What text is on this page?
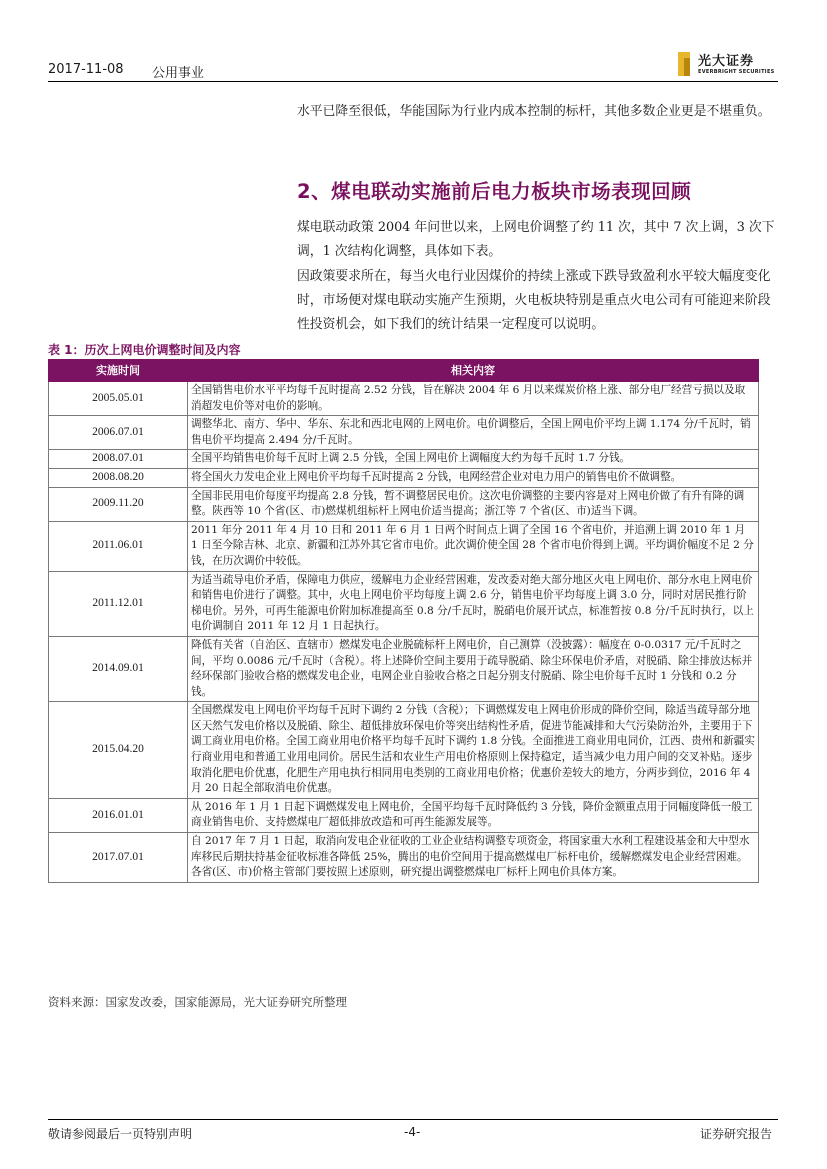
2017-11-08 公用事业
光大证券
EVERBRIGHT SECURITIES
水平已降至很低，华能国际为行业内成本控制的标杆，其他多数企业更是不堪重负。
2、煤电联动实施前后电力板块市场表现回顾
煤电联动政策 2004 年问世以来，上网电价调整了约 11 次，其中 7 次上调，3 次下调，1 次结构化调整，具体如下表。
因政策要求所在，每当火电行业因煤价的持续上涨或下跌导致盈利水平较大幅度变化时，市场便对煤电联动实施产生预期，火电板块特别是重点火电公司有可能迎来阶段性投资机会，如下我们的统计结果一定程度可以说明。
表 1：历次上网电价调整时间及内容
实施时间	相关内容
2005.05.01	全国销售电价水平平均每千瓦时提高 2.52 分钱，旨在解决 2004 年 6 月以来煤炭价格上涨、部分电厂经营亏损以及取消超发电价等对电价的影响。
2006.07.01	调整华北、南方、华中、华东、东北和西北电网的上网电价。电价调整后，全国上网电价平均上调 1.174 分/千瓦时，销售电价平均提高 2.494 分/千瓦时。
2008.07.01	全国平均销售电价每千瓦时上调 2.5 分钱，全国上网电价上调幅度大约为每千瓦时 1.7 分钱。
2008.08.20	将全国火力发电企业上网电价平均每千瓦时提高 2 分钱，电网经营企业对电力用户的销售电价不做调整。
2009.11.20	全国非民用电价每度平均提高 2.8 分钱，暂不调整居民电价。这次电价调整的主要内容是对上网电价做了有升有降的调整。陕西等 10 个省(区、市)燃煤机组标杆上网电价适当提高；浙江等 7 个省(区、市)适当下调。
2011.06.01	2011 年分 2011 年 4 月 10 日和 2011 年 6 月 1 日两个时间点上调了全国 16 个省电价，并追溯上调 2010 年 1 月 1 日至今除吉林、北京、新疆和江苏外其它省市电价。此次调价使全国 28 个省市电价得到上调。平均调价幅度不足 2 分钱，在历次调价中较低。
2011.12.01	为适当疏导电价矛盾，保障电力供应，缓解电力企业经营困难，发改委对绝大部分地区火电上网电价、部分水电上网电价和销售电价进行了调整。其中，火电上网电价平均每度上调 2.6 分，销售电价平均每度上调 3.0 分，同时对居民推行阶梯电价。另外，可再生能源电价附加标准提高至 0.8 分/千瓦时，脱硝电价展开试点，标准暂按 0.8 分/千瓦时执行，以上电价调制自 2011 年 12 月 1 日起执行。
2014.09.01	降低有关省（自治区、直辖市）燃煤发电企业脱硫标杆上网电价，自己测算（没披露）：幅度在 0-0.0317 元/千瓦时之间，平均 0.0086 元/千瓦时（含税）。将上述降价空间主要用于疏导脱硝、除尘环保电价矛盾，对脱硝、除尘排放达标并经环保部门验收合格的燃煤发电企业，电网企业自验收合格之日起分别支付脱硝、除尘电价每千瓦时 1 分钱和 0.2 分钱。
2015.04.20	全国燃煤发电上网电价平均每千瓦时下调约 2 分钱（含税）；下调燃煤发电上网电价形成的降价空间，除适当疏导部分地区天然气发电价格以及脱硝、除尘、超低排放环保电价等突出结构性矛盾，促进节能减排和大气污染防治外，主要用于下调工商业用电价格。全国工商业用电价格平均每千瓦时下调约 1.8 分钱。全面推进工商业用电同价，江西、贵州和新疆实行商业用电和普通工业用电同价。居民生活和农业生产用电价格原则上保持稳定，适当减少电力用户间的交叉补贴。逐步取消化肥电价优惠，化肥生产用电执行相同用电类别的工商业用电价格；优惠价差较大的地方，分两步到位，2016 年 4 月 20 日起全部取消电价优惠。
2016.01.01	从 2016 年 1 月 1 日起下调燃煤发电上网电价，全国平均每千瓦时降低约 3 分钱，降价金额重点用于同幅度降低一般工商业销售电价、支持燃煤电厂超低排放改造和可再生能源发展等。
2017.07.01	自 2017 年 7 月 1 日起，取消向发电企业征收的工业企业结构调整专项资金，将国家重大水利工程建设基金和大中型水库移民后期扶持基金征收标准各降低 25%，腾出的电价空间用于提高燃煤电厂标杆电价，缓解燃煤发电企业经营困难。各省(区、市)价格主管部门要按照上述原则，研究提出调整燃煤电厂标杆上网电价具体方案。
资料来源：国家发改委，国家能源局，光大证券研究所整理
敬请参阅最后一页特别声明	-4-	证券研究报告
